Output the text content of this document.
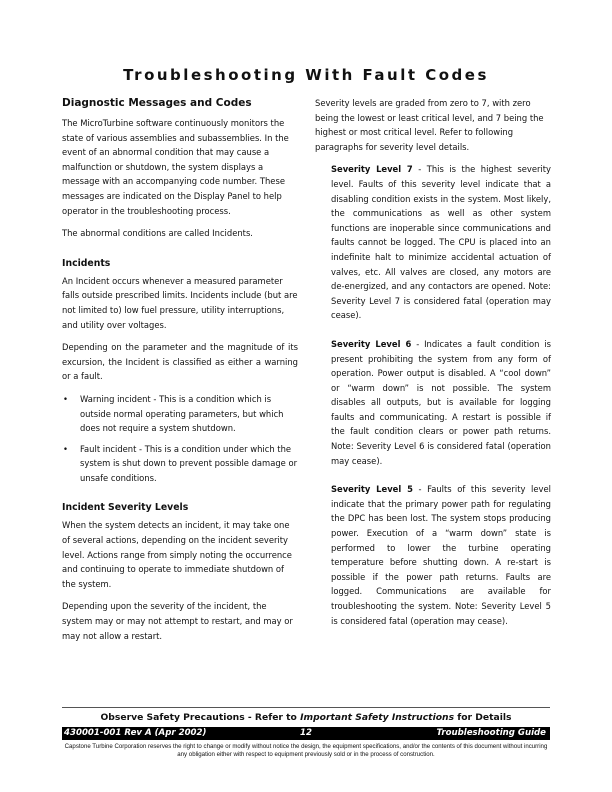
Troubleshooting With Fault Codes
Diagnostic Messages and Codes

The MicroTurbine software continuously monitors the state of various assemblies and subassemblies. In the event of an abnormal condition that may cause a malfunction or shutdown, the system displays a message with an accompanying code number. These messages are indicated on the Display Panel to help operator in the troubleshooting process.

The abnormal conditions are called Incidents.

Incidents

An Incident occurs whenever a measured parameter falls outside prescribed limits. Incidents include (but are not limited to) low fuel pressure, utility interruptions, and utility over voltages.

Depending on the parameter and the magnitude of its excursion, the Incident is classified as either a warning or a fault.

• Warning incident - This is a condition which is outside normal operating parameters, but which does not require a system shutdown.
• Fault incident - This is a condition under which the system is shut down to prevent possible damage or unsafe conditions.
Incident Severity Levels

When the system detects an incident, it may take one of several actions, depending on the incident severity level. Actions range from simply noting the occurrence and continuing to operate to immediate shutdown of the system.

Depending upon the severity of the incident, the system may or may not attempt to restart, and may or may not allow a restart.

Severity levels are graded from zero to 7, with zero being the lowest or least critical level, and 7 being the highest or most critical level. Refer to following paragraphs for severity level details.

Severity Level 7 - This is the highest severity level. Faults of this severity level indicate that a disabling condition exists in the system. Most likely, the communications as well as other system functions are inoperable since communications and faults cannot be logged. The CPU is placed into an indefinite halt to minimize accidental actuation of valves, etc. All valves are closed, any motors are de-energized, and any contactors are opened. Note: Severity Level 7 is considered fatal (operation may cease).

Severity Level 6 - Indicates a fault condition is present prohibiting the system from any form of operation. Power output is disabled. A “cool down” or “warm down” is not possible. The system disables all outputs, but is available for logging faults and communicating. A restart is possible if the fault condition clears or power path returns. Note: Severity Level 6 is considered fatal (operation may cease).

Severity Level 5 - Faults of this severity level indicate that the primary power path for regulating the DPC has been lost. The system stops producing power. Execution of a “warm down” state is performed to lower the turbine operating temperature before shutting down. A re-start is possible if the power path returns. Faults are logged. Communications are available for troubleshooting the system. Note: Severity Level 5 is considered fatal (operation may cease).

Observe Safety Precautions - Refer to Important Safety Instructions for Details
12
430001-001 Rev A (Apr 2002)	Troubleshooting Guide
Capstone Turbine Corporation reserves the right to change or modify without notice the design, the equipment specifications, and/or the contents of this document without incurring any obligation either with respect to equipment previously sold or in the process of construction.
